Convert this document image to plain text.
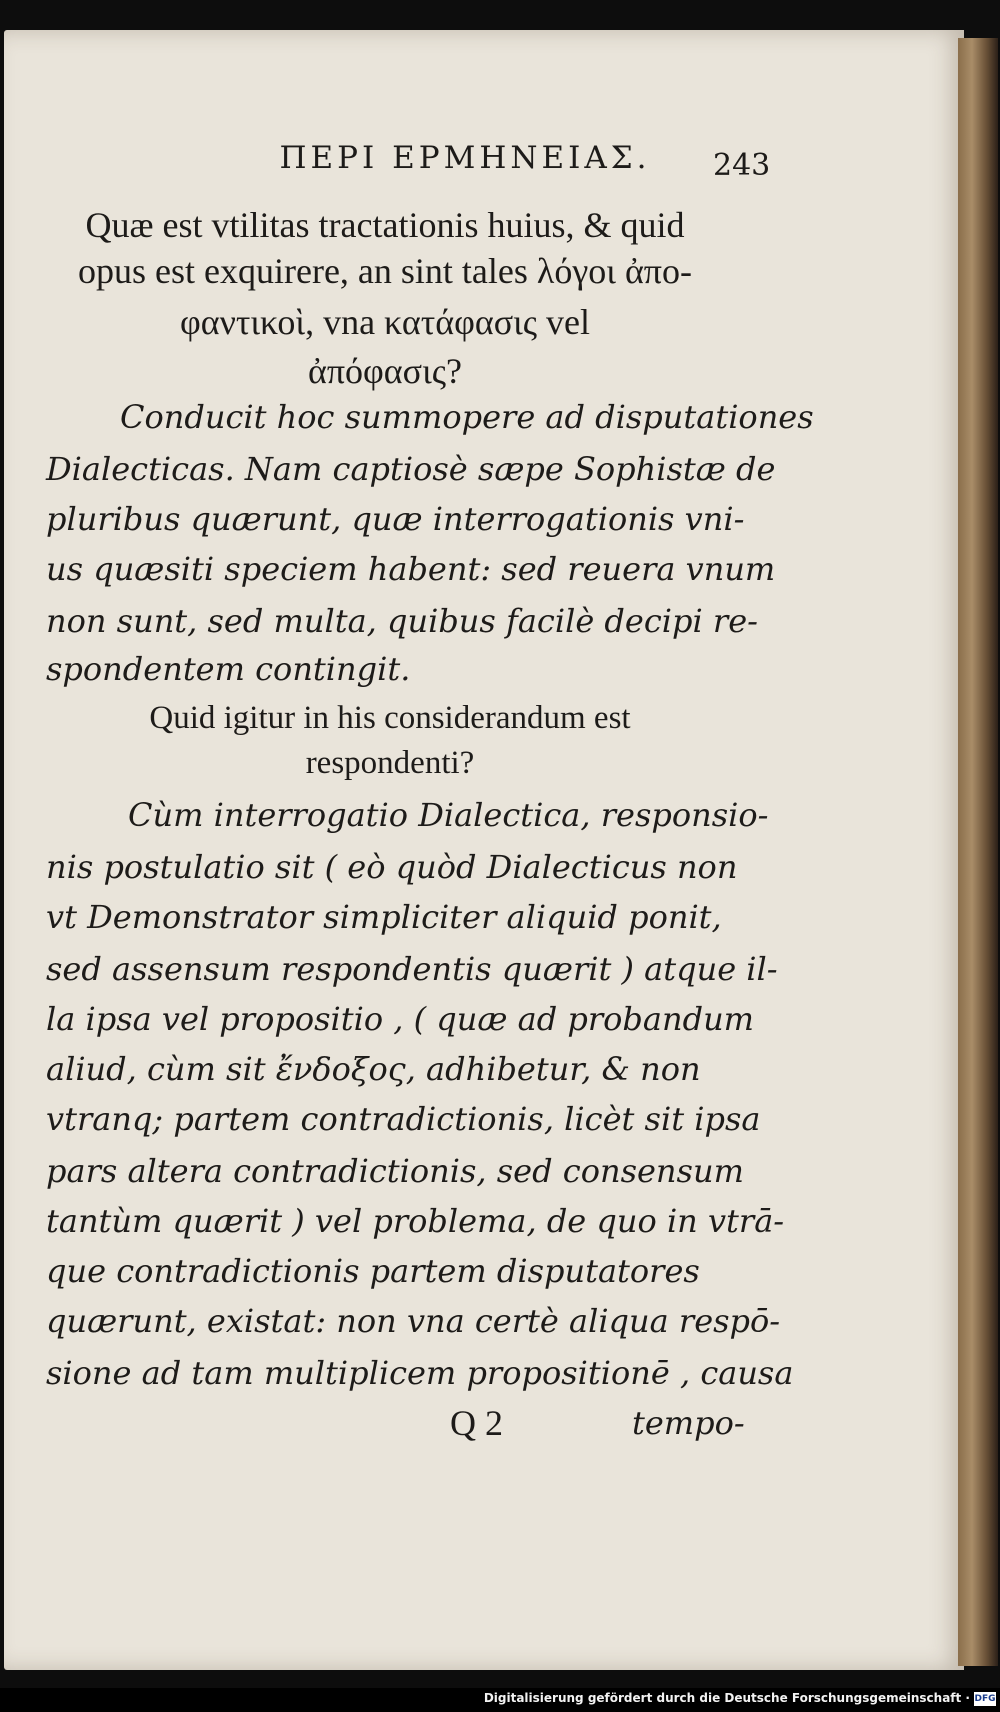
ΠΕΡΙ ΕΡΜΗΝΕΙΑΣ.	243
Quæ est vtilitas tractationis huius, & quid
opus est exquirere, an sint tales λόγοι ἀπο-
φαντικοὶ, vna κατάφασις vel
ἀπόφασις?
Conducit hoc summopere ad disputationes
Dialecticas. Nam captiosè sæpe Sophistæ de
pluribus quærunt, quæ interrogationis vni-
us quæsiti speciem habent: sed reuera vnum
non sunt, sed multa, quibus facilè decipi re-
spondentem contingit.
Quid igitur in his considerandum est
respondenti?
Cùm interrogatio Dialectica, responsio-
nis postulatio sit ( eò quòd Dialecticus non
vt Demonstrator simpliciter aliquid ponit,
sed assensum respondentis quærit ) atque il-
la ipsa vel propositio , ( quæ ad probandum
aliud, cùm sit ἔνδοξος, adhibetur, & non
vtranq; partem contradictionis, licèt sit ipsa
pars altera contradictionis, sed consensum
tantùm quærit ) vel problema, de quo in vtrā-
que contradictionis partem disputatores
quærunt, existat: non vna certè aliqua respō-
sione ad tam multiplicem propositionē , causa
Q 2	tempo-
Digitalisierung gefördert durch die Deutsche Forschungsgemeinschaft · DFG
